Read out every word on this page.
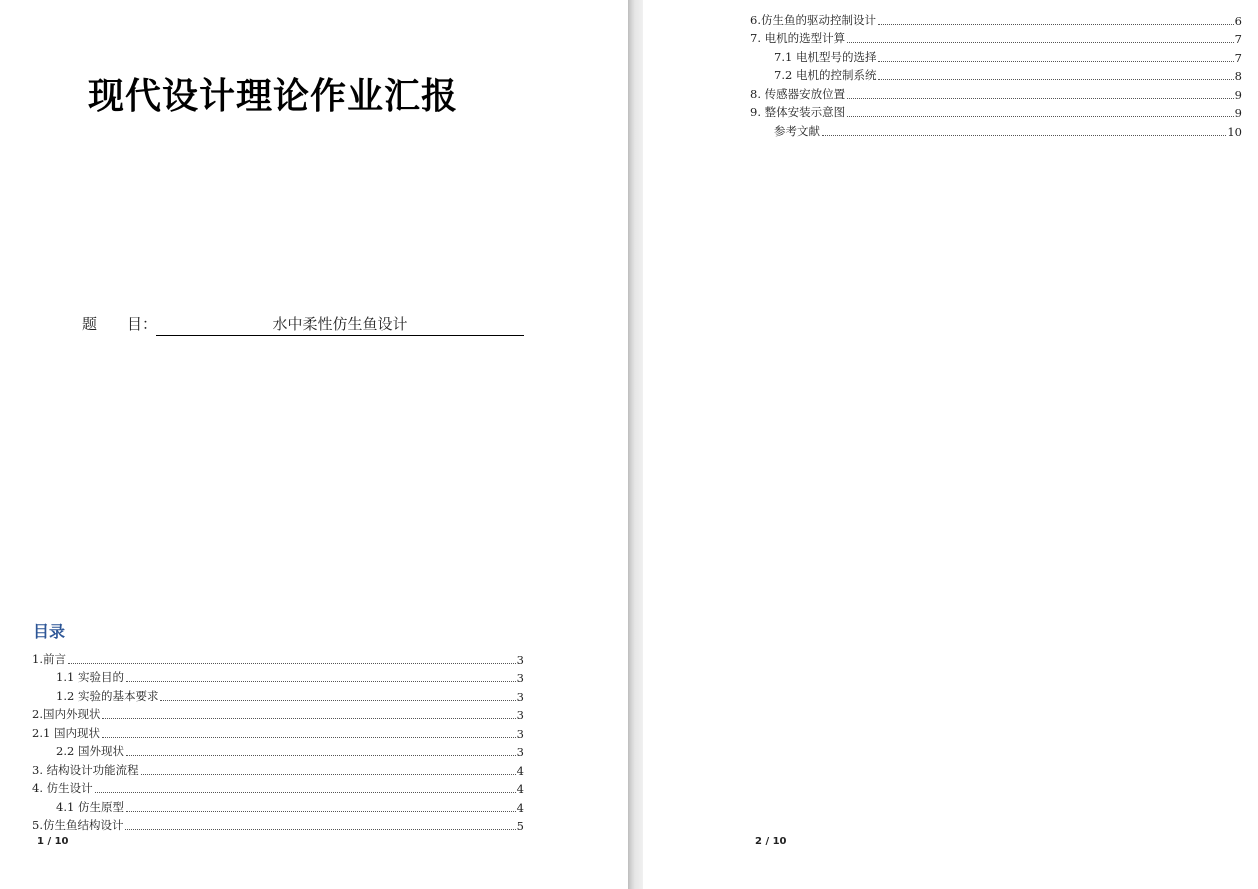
现代设计理论作业汇报
题　　目：	水中柔性仿生鱼设计
目录
1.前言	3
1.1 实验目的	3
1.2 实验的基本要求	3
2.国内外现状	3
2.1 国内现状	3
2.2 国外现状	3
3. 结构设计功能流程	4
4. 仿生设计	4
4.1 仿生原型	4
5.仿生鱼结构设计	5
1 / 10	2 / 10
6.仿生鱼的驱动控制设计	6
7. 电机的选型计算	7
7.1 电机型号的选择	7
7.2 电机的控制系统	8
8. 传感器安放位置	9
9. 整体安装示意图	9
参考文献	10
